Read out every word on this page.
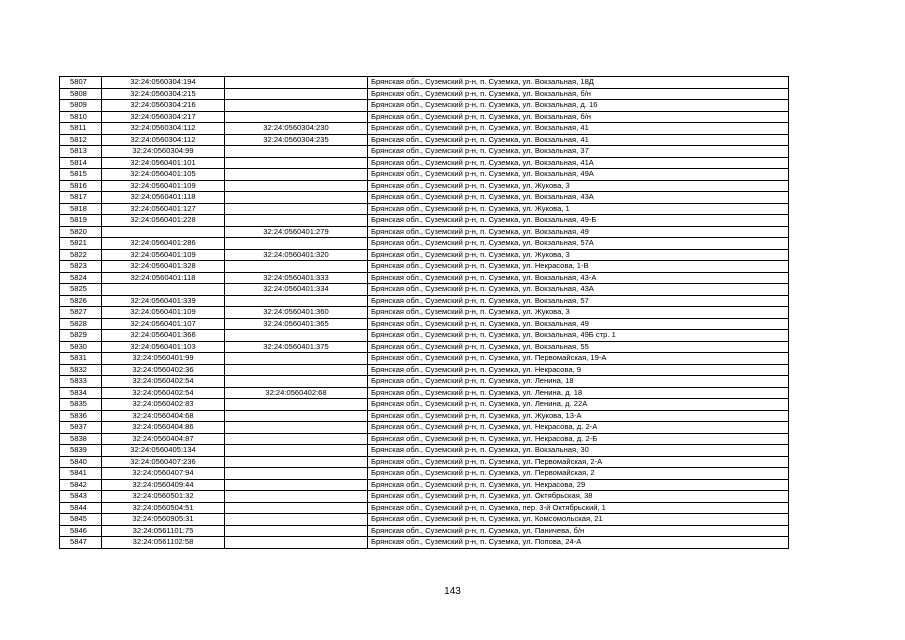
5807	32:24:0560304:194		Брянская обл., Суземский р-н, п. Суземка, ул. Вокзальная, 18Д
5808	32:24:0560304:215		Брянская обл., Суземский р-н, п. Суземка, ул. Вокзальная, б/н
5809	32:24:0560304:216		Брянская обл., Суземский р-н, п. Суземка, ул. Вокзальная, д. 16
5810	32:24:0560304:217		Брянская обл., Суземский р-н, п. Суземка, ул. Вокзальная, б/н
5811	32:24:0560304:112	32:24:0560304:230	Брянская обл., Суземский р-н, п. Суземка, ул. Вокзальная, 41
5812	32:24:0560304:112	32:24:0560304:235	Брянская обл., Суземский р-н, п. Суземка, ул. Вокзальная, 41
5813	32:24:0560304:99		Брянская обл., Суземский р-н, п. Суземка, ул. Вокзальная, 37
5814	32:24:0560401:101		Брянская обл., Суземский р-н, п. Суземка, ул. Вокзальная, 41А
5815	32:24:0560401:105		Брянская обл., Суземский р-н, п. Суземка, ул. Вокзальная, 49А
5816	32:24:0560401:109		Брянская обл., Суземский р-н, п. Суземка, ул. Жукова, 3
5817	32:24:0560401:118		Брянская обл., Суземский р-н, п. Суземка, ул. Вокзальная, 43А
5818	32:24:0560401:127		Брянская обл., Суземский р-н, п. Суземка, ул. Жукова, 1
5819	32:24:0560401:228		Брянская обл., Суземский р-н, п. Суземка, ул. Вокзальная, 49-Б
5820		32:24:0560401:279	Брянская обл., Суземский р-н, п. Суземка, ул. Вокзальная, 49
5821	32:24:0560401:286		Брянская обл., Суземский р-н, п. Суземка, ул. Вокзальная, 57А
5822	32:24:0560401:109	32:24:0560401:320	Брянская обл., Суземский р-н, п. Суземка, ул. Жукова, 3
5823	32:24:0560401:328		Брянская обл., Суземский р-н, п. Суземка, ул. Некрасова, 1-В
5824	32:24:0560401:118	32:24:0560401:333	Брянская обл., Суземский р-н, п. Суземка, ул. Вокзальная, 43-А
5825		32:24:0560401:334	Брянская обл., Суземский р-н, п. Суземка, ул. Вокзальная, 43А
5826	32:24:0560401:339		Брянская обл., Суземский р-н, п. Суземка, ул. Вокзальная, 57
5827	32:24:0560401:109	32:24:0560401:360	Брянская обл., Суземский р-н, п. Суземка, ул. Жукова, 3
5828	32:24:0560401:107	32:24:0560401:365	Брянская обл., Суземский р-н, п. Суземка, ул. Вокзальная, 49
5829	32:24:0560401:366		Брянская обл., Суземский р-н, п. Суземка, ул. Вокзальная, 49Б стр. 1
5830	32:24:0560401:103	32:24:0560401:375	Брянская обл., Суземский р-н, п. Суземка, ул. Вокзальная, 55
5831	32:24:0560401:99		Брянская обл., Суземский р-н, п. Суземка, ул. Первомайская, 19-А
5832	32:24:0560402:36		Брянская обл., Суземский р-н, п. Суземка, ул. Некрасова, 9
5833	32:24:0560402:54		Брянская обл., Суземский р-н, п. Суземка, ул. Ленина, 18
5834	32:24:0560402:54	32:24:0560402:68	Брянская обл., Суземский р-н, п. Суземка, ул. Ленина, д. 18
5835	32:24:0560402:83		Брянская обл., Суземский р-н, п. Суземка, ул. Ленина, д. 22А
5836	32:24:0560404:68		Брянская обл., Суземский р-н, п. Суземка, ул. Жукова, 13-А
5837	32:24:0560404:86		Брянская обл., Суземский р-н, п. Суземка, ул. Некрасова, д. 2-А
5838	32:24:0560404:87		Брянская обл., Суземский р-н, п. Суземка, ул. Некрасова, д. 2-Б
5839	32:24:0560405:134		Брянская обл., Суземский р-н, п. Суземка, ул. Вокзальная, 30
5840	32:24:0560407:236		Брянская обл., Суземский р-н, п. Суземка, ул. Первомайская, 2-А
5841	32:24:0560407:94		Брянская обл., Суземский р-н, п. Суземка, ул. Первомайская, 2
5842	32:24:0560409:44		Брянская обл., Суземский р-н, п. Суземка, ул. Некрасова, 29
5843	32:24:0560501:32		Брянская обл., Суземский р-н, п. Суземка, ул. Октябрьская, 38
5844	32:24:0560504:51		Брянская обл., Суземский р-н, п. Суземка, пер. 3-й Октябрьский, 1
5845	32:24:0560905:31		Брянская обл., Суземский р-н, п. Суземка, ул. Комсомольская, 21
5846	32:24:0561101:75		Брянская обл., Суземский р-н, п. Суземка, ул. Паничева, б/н
5847	32:24:0561102:58		Брянская обл., Суземский р-н, п. Суземка, ул. Попова, 24-А
143
